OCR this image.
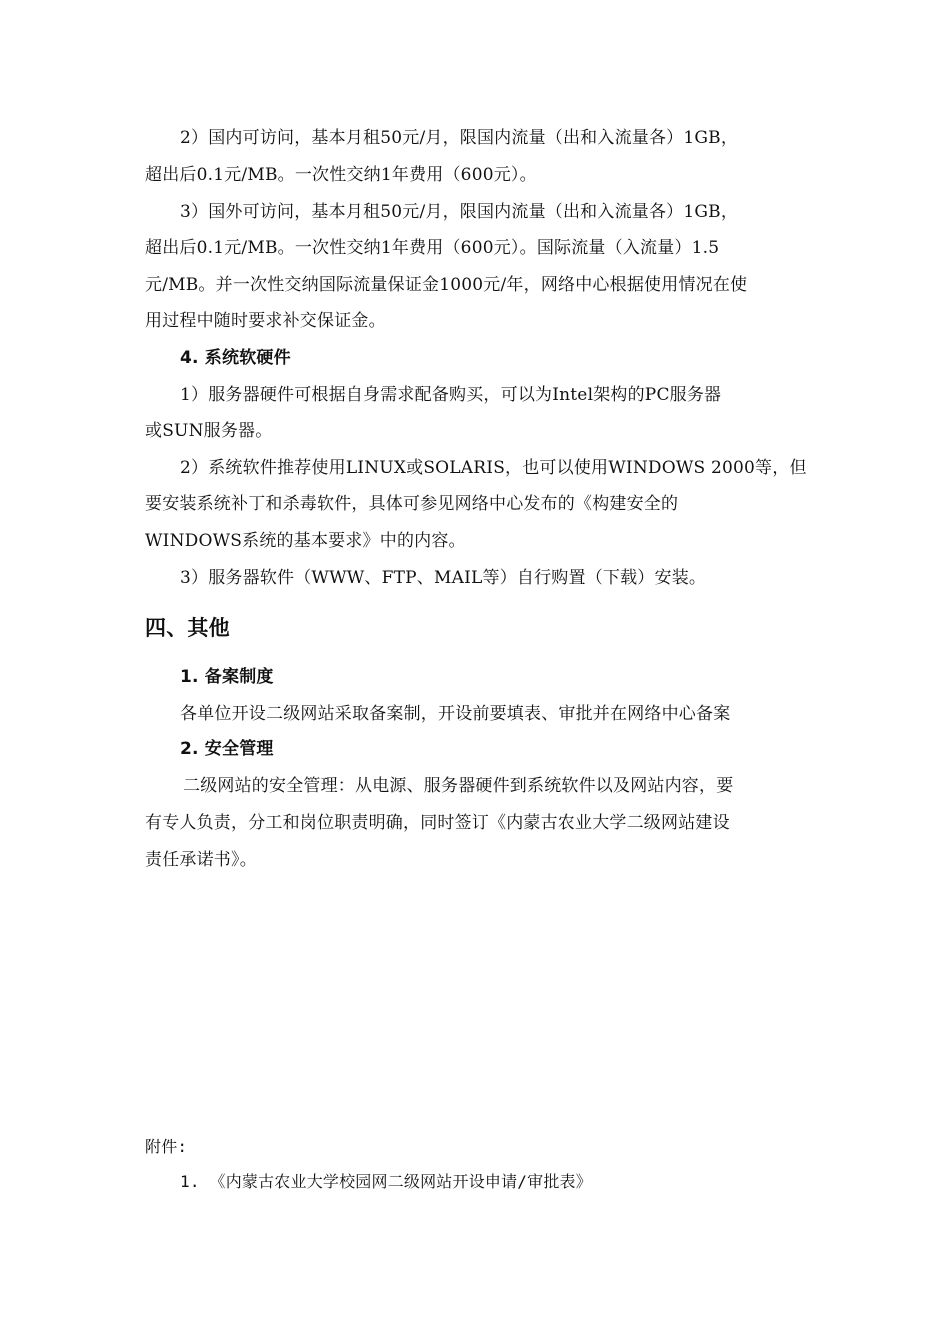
2）国内可访问，基本月租50元/月，限国内流量（出和入流量各）1GB，
超出后0.1元/MB。一次性交纳1年费用（600元）。
3）国外可访问，基本月租50元/月，限国内流量（出和入流量各）1GB，
超出后0.1元/MB。一次性交纳1年费用（600元）。国际流量（入流量）1.5
元/MB。并一次性交纳国际流量保证金1000元/年，网络中心根据使用情况在使
用过程中随时要求补交保证金。
4. 系统软硬件
1）服务器硬件可根据自身需求配备购买，可以为Intel架构的PC服务器
或SUN服务器。
2）系统软件推荐使用LINUX或SOLARIS，也可以使用WINDOWS 2000等，但
要安装系统补丁和杀毒软件，具体可参见网络中心发布的《构建安全的
WINDOWS系统的基本要求》中的内容。
3）服务器软件（WWW、FTP、MAIL等）自行购置（下载）安装。
四、其他
1. 备案制度
各单位开设二级网站采取备案制，开设前要填表、审批并在网络中心备案
2. 安全管理
二级网站的安全管理：从电源、服务器硬件到系统软件以及网站内容，要
有专人负责，分工和岗位职责明确，同时签订《内蒙古农业大学二级网站建设
责任承诺书》。
附件:
1. 《内蒙古农业大学校园网二级网站开设申请/审批表》
